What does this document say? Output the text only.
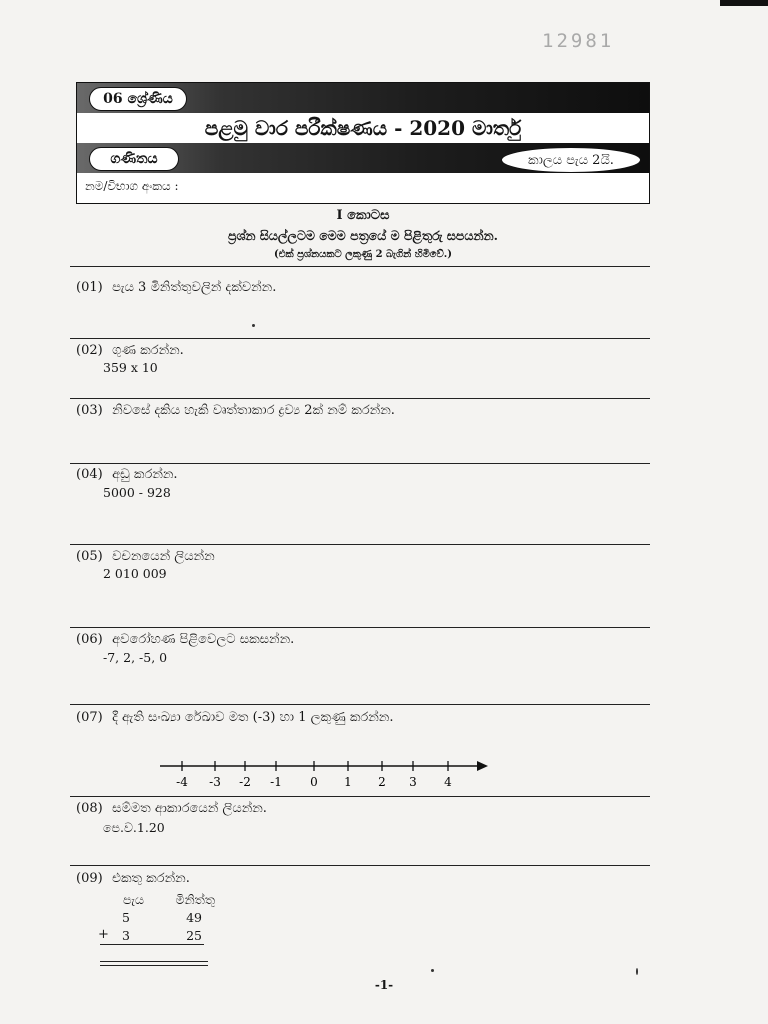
12981
06 ශ්‍රේණිය
පළමු වාර පරීක්ෂණය - 2020 මාර්තු
ගණිතය	කාලය පැය 2යි.
නම/විභාග අංකය :
I කොටස
ප්‍රශ්න සියල්ලටම මෙම පත්‍රයේ ම පිළිතුරු සපයන්න.
(එක් ප්‍රශ්නයකට ලකුණු 2 බැගින් හිමිවේ.)
(01) පැය 3 මිනිත්තුවලින් දක්වන්න.
(02) ගුණ කරන්න.
359 x 10
(03) නිවසේ දකිය හැකි වෘත්තාකාර ද්‍රව්‍ය 2ක් නම් කරන්න.
(04) අඩු කරන්න.
5000 - 928
(05) වචනයෙන් ලියන්න
2 010 009
(06) අවරෝහණ පිළිවෙලට සකසන්න.
-7, 2, -5, 0
(07) දී ඇති සංඛ්‍යා රේඛාව මත (-3) හා 1 ලකුණු කරන්න.
-4 -3 -2 -1 0 1 2 3 4
(08) සම්මත ආකාරයෙන් ලියන්න.
පෙ.ව.1.20
(09) එකතු කරන්න.
පැය	මිනිත්තු
5	49
+	3	25
-1-
